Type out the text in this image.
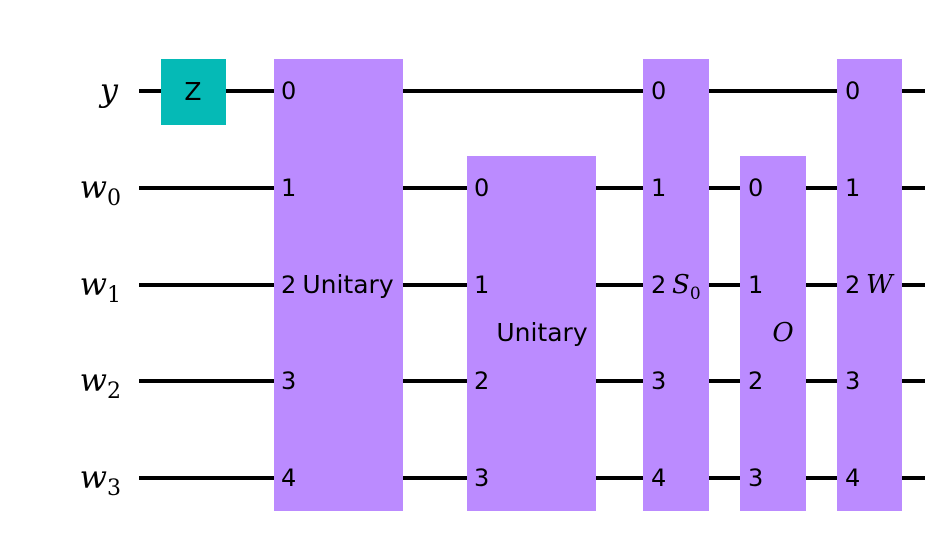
y
$w_0$
$w_1$
$w_2$
$w_3$
Z	0
1
2
3
4
Unitary
0
1
2
3
Unitary
0
1
2
3
4
$S_0$
0
1
2
3
O
0
1
2
3
4
W
